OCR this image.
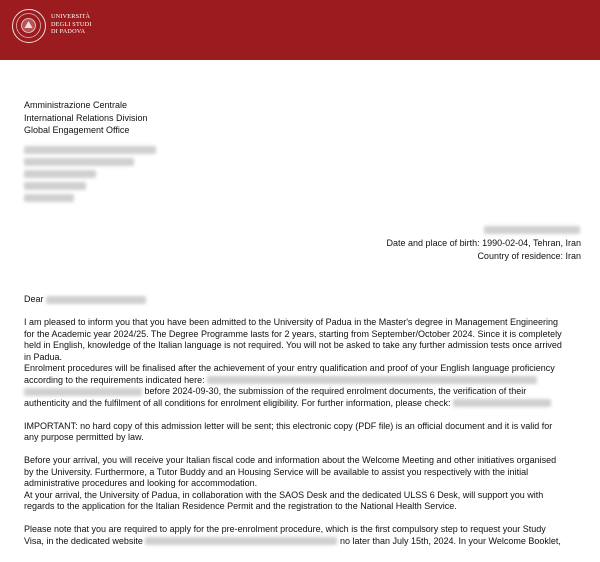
UNIVERSITÀ
DEGLI STUDI
DI PADOVA
Amministrazione Centrale
International Relations Division
Global Engagement Office
Date and place of birth: 1990-02-04, Tehran, Iran
Country of residence: Iran
Dear
I am pleased to inform you that you have been admitted to the University of Padua in the Master's degree in Management Engineering
for the Academic year 2024/25. The Degree Programme lasts for 2 years, starting from September/October 2024. Since it is completely
held in English, knowledge of the Italian language is not required. You will not be asked to take any further admission tests once arrived
in Padua.
Enrolment procedures will be finalised after the achievement of your entry qualification and proof of your English language proficiency
according to the requirements indicated here:
before 2024-09-30, the submission of the required enrolment documents, the verification of their
authenticity and the fulfilment of all conditions for enrolment eligibility. For further information, please check:
IMPORTANT: no hard copy of this admission letter will be sent; this electronic copy (PDF file) is an official document and it is valid for
any purpose permitted by law.
Before your arrival, you will receive your Italian fiscal code and information about the Welcome Meeting and other initiatives organised
by the University. Furthermore, a Tutor Buddy and an Housing Service will be available to assist you respectively with the initial
administrative procedures and looking for accommodation.
At your arrival, the University of Padua, in collaboration with the SAOS Desk and the dedicated ULSS 6 Desk, will support you with
regards to the application for the Italian Residence Permit and the registration to the National Health Service.
Please note that you are required to apply for the pre-enrolment procedure, which is the first compulsory step to request your Study
Visa, in the dedicated website	no later than July 15th, 2024. In your Welcome Booklet,
